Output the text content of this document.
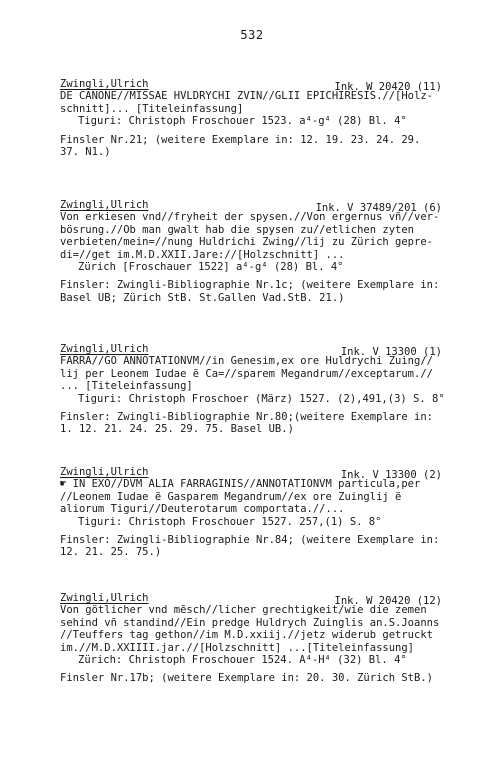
532
Zwingli,Ulrich	Ink. W 20420 (11)
DE CANONE//MISSAE HVLDRYCHI ZVIN//GLII EPICHIRESIS.//[Holz-
schnitt]... [Titeleinfassung]
Tiguri: Christoph Froschouer 1523. a⁴-g⁴ (28) Bl. 4°
Finsler Nr.21; (weitere Exemplare in: 12. 19. 23. 24. 29.
37. N1.)
Zwingli,Ulrich	Ink. V 37489/201 (6)
Von erkiesen vnd//fryheit der spysen.//Von ergernus vñ//ver-
bösrung.//Ob man gwalt hab die spysen zu//etlichen zyten
verbieten/mein=//nung Huldrichi Zwing//lij zu Zürich gepre-
di=//get im.M.D.XXII.Jare://[Holzschnitt] ...
Zürich [Froschauer 1522] a⁴-g⁴ (28) Bl. 4°
Finsler: Zwingli-Bibliographie Nr.1c; (weitere Exemplare in:
Basel UB; Zürich StB. St.Gallen Vad.StB. 21.)
Zwingli,Ulrich	Ink. V 13300 (1)
FARRA//GO ANNOTATIONVM//in Genesim,ex ore Huldrychi Zuing//
lij per Leonem Iudae ẽ Ca=//sparem Megandrum//exceptarum.//
... [Titeleinfassung]
Tiguri: Christoph Froschoer (März) 1527. (2),491,(3) S. 8°
Finsler: Zwingli-Bibliographie Nr.80;(weitere Exemplare in:
1. 12. 21. 24. 25. 29. 75. Basel UB.)
Zwingli,Ulrich	Ink. V 13300 (2)
☛ IN EXO//DVM ALIA FARRAGINIS//ANNOTATIONVM particula,per
//Leonem Iudae ẽ Gasparem Megandrum//ex ore Zuinglij ẽ
aliorum Tiguri//Deuterotarum comportata.//...
Tiguri: Christoph Froschouer 1527. 257,(1) S. 8°
Finsler: Zwingli-Bibliographie Nr.84; (weitere Exemplare in:
12. 21. 25. 75.)
Zwingli,Ulrich	Ink. W 20420 (12)
Von götlicher vnd mẽsch//licher grechtigkeit/wie die zemen
sehind vñ standind//Ein predge Huldrych Zuinglis an.S.Joanns
//Teuffers tag gethon//im M.D.xxiij.//jetz widerub getruckt
im.//M.D.XXIIII.jar.//[Holzschnitt] ...[Titeleinfassung]
Zürich: Christoph Froschouer 1524. A⁴-H⁴ (32) Bl. 4°
Finsler Nr.17b; (weitere Exemplare in: 20. 30. Zürich StB.)
